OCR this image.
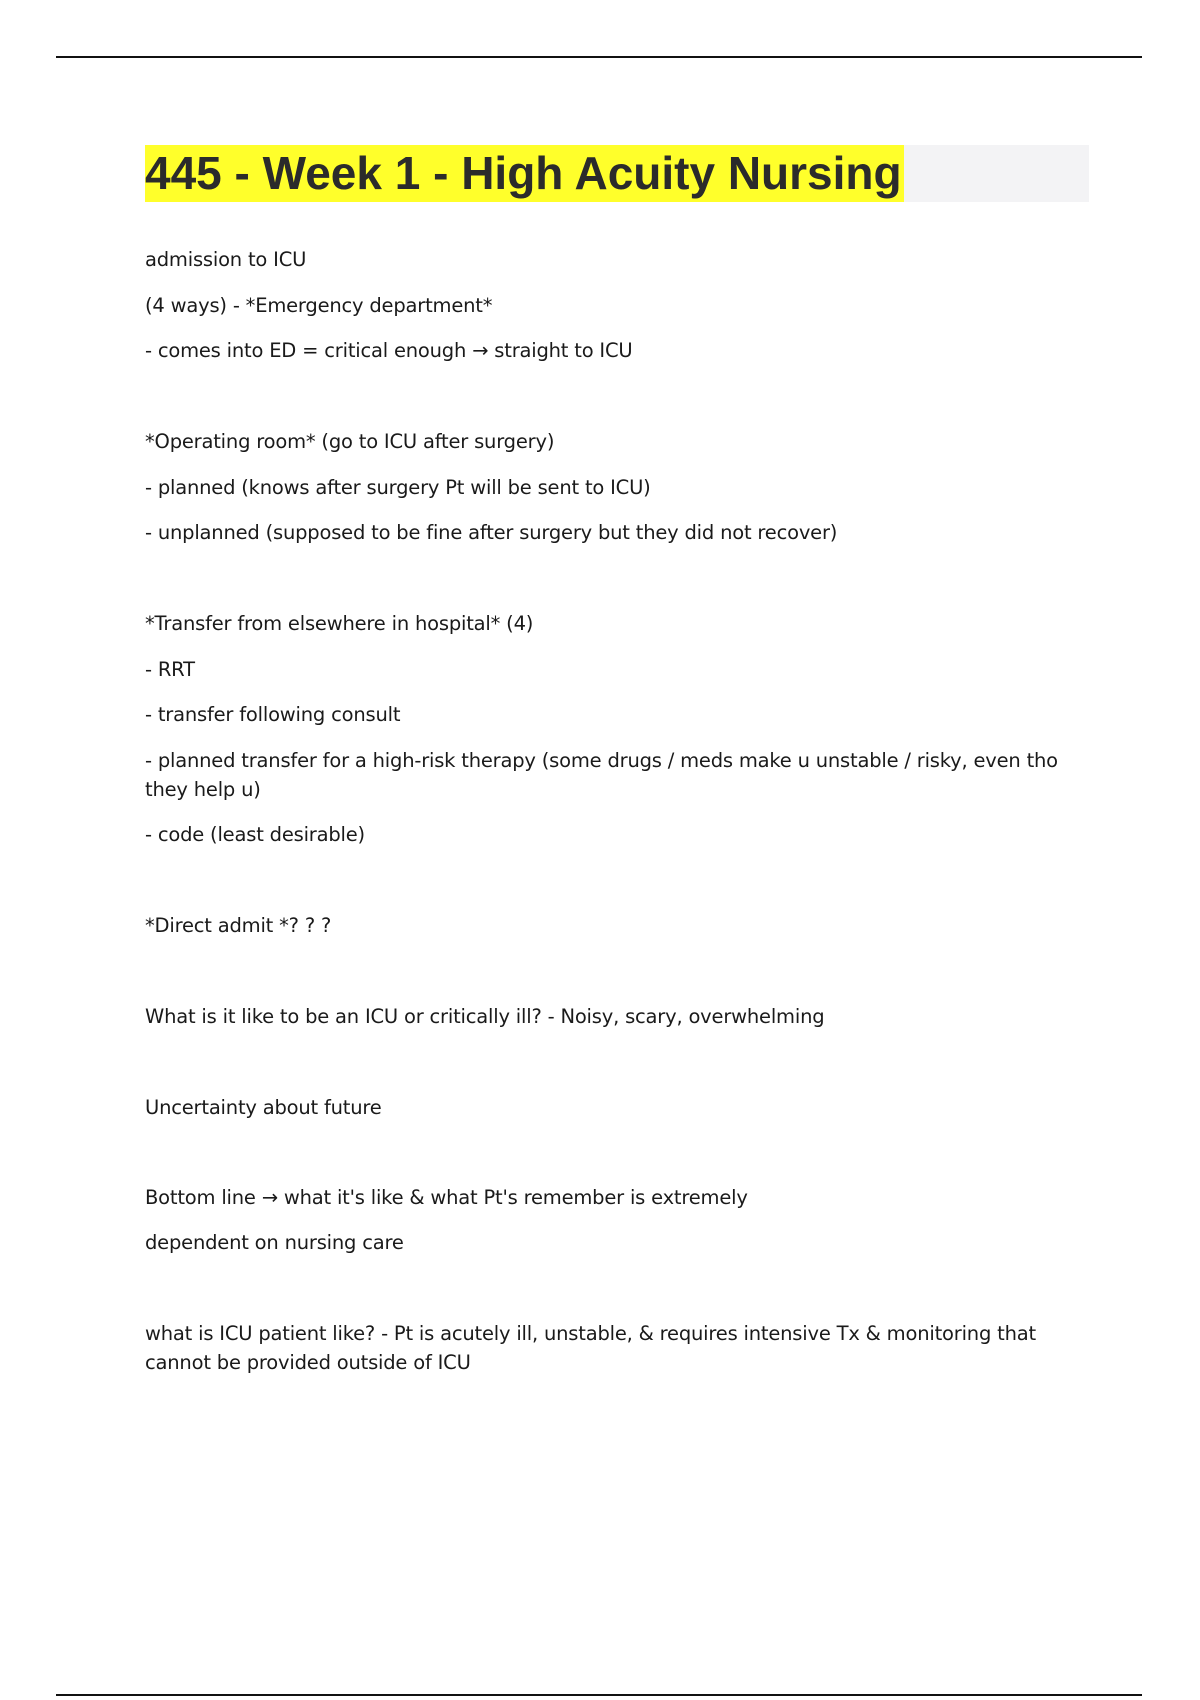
445 - Week 1 - High Acuity Nursing
admission to ICU
(4 ways) - *Emergency department*
- comes into ED = critical enough → straight to ICU
*Operating room* (go to ICU after surgery)
- planned (knows after surgery Pt will be sent to ICU)
- unplanned (supposed to be fine after surgery but they did not recover)
*Transfer from elsewhere in hospital* (4)
- RRT
- transfer following consult
- planned transfer for a high-risk therapy (some drugs / meds make u unstable / risky, even tho they help u)
- code (least desirable)
*Direct admit *? ? ?
What is it like to be an ICU or critically ill? - Noisy, scary, overwhelming
Uncertainty about future
Bottom line → what it's like & what Pt's remember is extremely
dependent on nursing care
what is ICU patient like? - Pt is acutely ill, unstable, & requires intensive Tx & monitoring that cannot be provided outside of ICU
